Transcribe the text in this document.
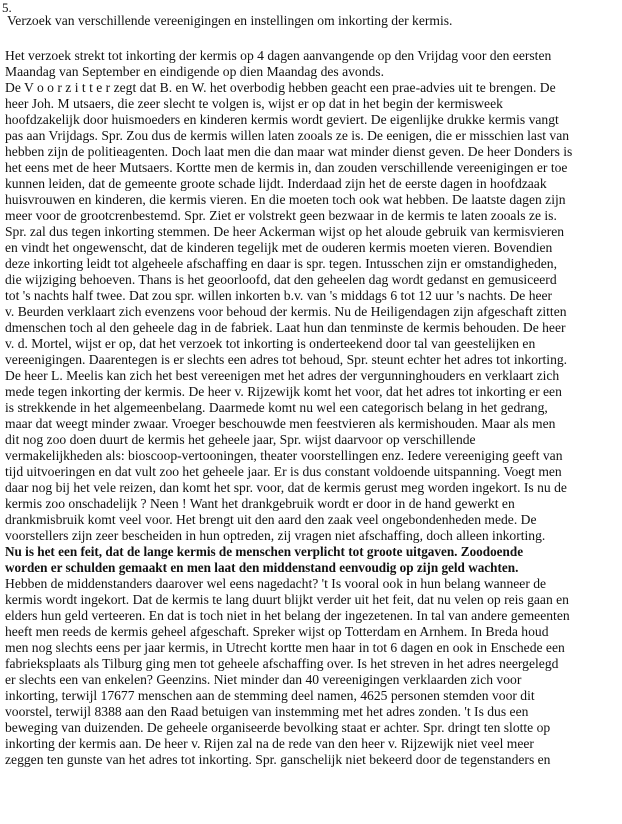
5.
Verzoek van verschillende vereenigingen en instellingen om inkorting der kermis.
Het verzoek strekt tot inkorting der kermis op 4 dagen aanvangende op den Vrijdag voor den eersten
Maandag van September en eindigende op dien Maandag des avonds.
De V o o r z i t t e r zegt dat B. en W. het overbodig hebben geacht een prae-advies uit te brengen. De
heer Joh. M utsaers, die zeer slecht te volgen is, wijst er op dat in het begin der kermisweek
hoofdzakelijk door huismoeders en kinderen kermis wordt geviert. De eigenlijke drukke kermis vangt
pas aan Vrijdags. Spr. Zou dus de kermis willen laten zooals ze is. De eenigen, die er misschien last van
hebben zijn de politieagenten. Doch laat men die dan maar wat minder dienst geven. De heer Donders is
het eens met de heer Mutsaers. Kortte men de kermis in, dan zouden verschillende vereenigingen er toe
kunnen leiden, dat de gemeente groote schade lijdt. Inderdaad zijn het de eerste dagen in hoofdzaak
huisvrouwen en kinderen, die kermis vieren. En die moeten toch ook wat hebben. De laatste dagen zijn
meer voor de grootcrenbestemd. Spr. Ziet er volstrekt geen bezwaar in de kermis te laten zooals ze is.
Spr. zal dus tegen inkorting stemmen. De heer Ackerman wijst op het aloude gebruik van kermisvieren
en vindt het ongewenscht, dat de kinderen tegelijk met de ouderen kermis moeten vieren. Bovendien
deze inkorting leidt tot algeheele afschaffing en daar is spr. tegen. Intusschen zijn er omstandigheden,
die wijziging behoeven. Thans is het geoorloofd, dat den geheelen dag wordt gedanst en gemusiceerd
tot 's nachts half twee. Dat zou spr. willen inkorten b.v. van 's middags 6 tot 12 uur 's nachts. De heer
v. Beurden verklaart zich evenzens voor behoud der kermis. Nu de Heiligendagen zijn afgeschaft zitten
dmenschen toch al den geheele dag in de fabriek. Laat hun dan tenminste de kermis behouden. De heer
v. d. Mortel, wijst er op, dat het verzoek tot inkorting is onderteekend door tal van geestelijken en
vereenigingen. Daarentegen is er slechts een adres tot behoud, Spr. steunt echter het adres tot inkorting.
De heer L. Meelis kan zich het best vereenigen met het adres der vergunninghouders en verklaart zich
mede tegen inkorting der kermis. De heer v. Rijzewijk komt het voor, dat het adres tot inkorting er een
is strekkende in het algemeenbelang. Daarmede komt nu wel een categorisch belang in het gedrang,
maar dat weegt minder zwaar. Vroeger beschouwde men feestvieren als kermishouden. Maar als men
dit nog zoo doen duurt de kermis het geheele jaar, Spr. wijst daarvoor op verschillende
vermakelijkheden als: bioscoop-vertooningen, theater voorstellingen enz. Iedere vereeniging geeft van
tijd uitvoeringen en dat vult zoo het geheele jaar. Er is dus constant voldoende uitspanning. Voegt men
daar nog bij het vele reizen, dan komt het spr. voor, dat de kermis gerust meg worden ingekort. Is nu de
kermis zoo onschadelijk ? Neen ! Want het drankgebruik wordt er door in de hand gewerkt en
drankmisbruik komt veel voor. Het brengt uit den aard den zaak veel ongebondenheden mede. De
voorstellers zijn zeer bescheiden in hun optreden, zij vragen niet afschaffing, doch alleen inkorting.
Nu is het een feit, dat de lange kermis de menschen verplicht tot groote uitgaven. Zoodoende
worden er schulden gemaakt en men laat den middenstand eenvoudig op zijn geld wachten.
Hebben de middenstanders daarover wel eens nagedacht? 't Is vooral ook in hun belang wanneer de
kermis wordt ingekort. Dat de kermis te lang duurt blijkt verder uit het feit, dat nu velen op reis gaan en
elders hun geld verteeren. En dat is toch niet in het belang der ingezetenen. In tal van andere gemeenten
heeft men reeds de kermis geheel afgeschaft. Spreker wijst op Totterdam en Arnhem. In Breda houd
men nog slechts eens per jaar kermis, in Utrecht kortte men haar in tot 6 dagen en ook in Enschede een
fabrieksplaats als Tilburg ging men tot geheele afschaffing over. Is het streven in het adres neergelegd
er slechts een van enkelen? Geenzins. Niet minder dan 40 vereenigingen verklaarden zich voor
inkorting, terwijl 17677 menschen aan de stemming deel namen, 4625 personen stemden voor dit
voorstel, terwijl 8388 aan den Raad betuigen van instemming met het adres zonden. 't Is dus een
beweging van duizenden. De geheele organiseerde bevolking staat er achter. Spr. dringt ten slotte op
inkorting der kermis aan. De heer v. Rijen zal na de rede van den heer v. Rijzewijk niet veel meer
zeggen ten gunste van het adres tot inkorting. Spr. ganschelijk niet bekeerd door de tegenstanders en
